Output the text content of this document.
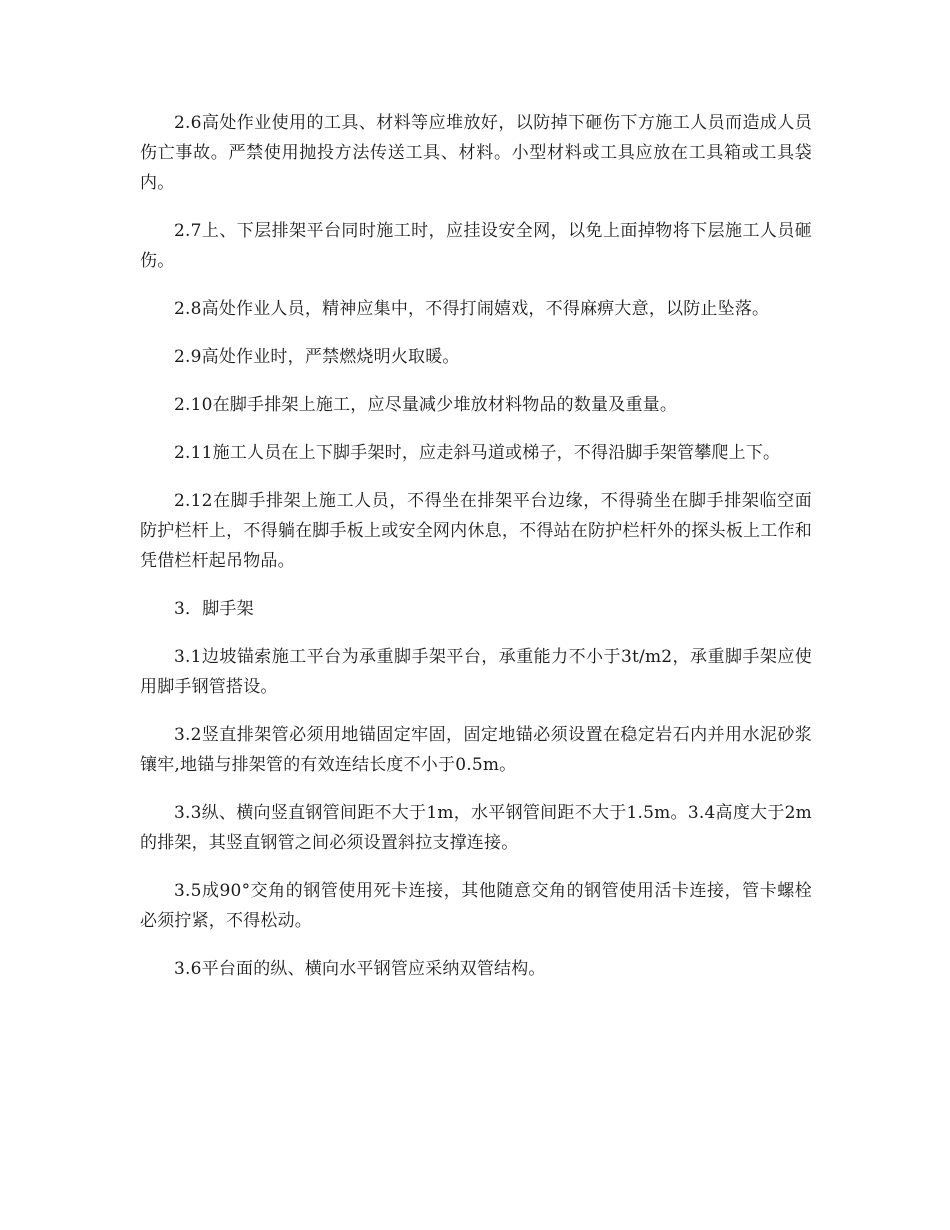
2.6高处作业使用的工具、材料等应堆放好，以防掉下砸伤下方施工人员而造成人员伤亡事故。严禁使用抛投方法传送工具、材料。小型材料或工具应放在工具箱或工具袋内。

2.7上、下层排架平台同时施工时，应挂设安全网，以免上面掉物将下层施工人员砸伤。

2.8高处作业人员，精神应集中，不得打闹嬉戏，不得麻痹大意，以防止坠落。

2.9高处作业时，严禁燃烧明火取暖。

2.10在脚手排架上施工，应尽量减少堆放材料物品的数量及重量。

2.11施工人员在上下脚手架时，应走斜马道或梯子，不得沿脚手架管攀爬上下。

2.12在脚手排架上施工人员，不得坐在排架平台边缘，不得骑坐在脚手排架临空面防护栏杆上，不得躺在脚手板上或安全网内休息，不得站在防护栏杆外的探头板上工作和凭借栏杆起吊物品。

3．脚手架

3.1边坡锚索施工平台为承重脚手架平台，承重能力不小于3t/m2，承重脚手架应使用脚手钢管搭设。

3.2竖直排架管必须用地锚固定牢固，固定地锚必须设置在稳定岩石内并用水泥砂浆镶牢,地锚与排架管的有效连结长度不小于0.5m。

3.3纵、横向竖直钢管间距不大于1m，水平钢管间距不大于1.5m。3.4高度大于2m的排架，其竖直钢管之间必须设置斜拉支撑连接。

3.5成90°交角的钢管使用死卡连接，其他随意交角的钢管使用活卡连接，管卡螺栓必须拧紧，不得松动。

3.6平台面的纵、横向水平钢管应采纳双管结构。
